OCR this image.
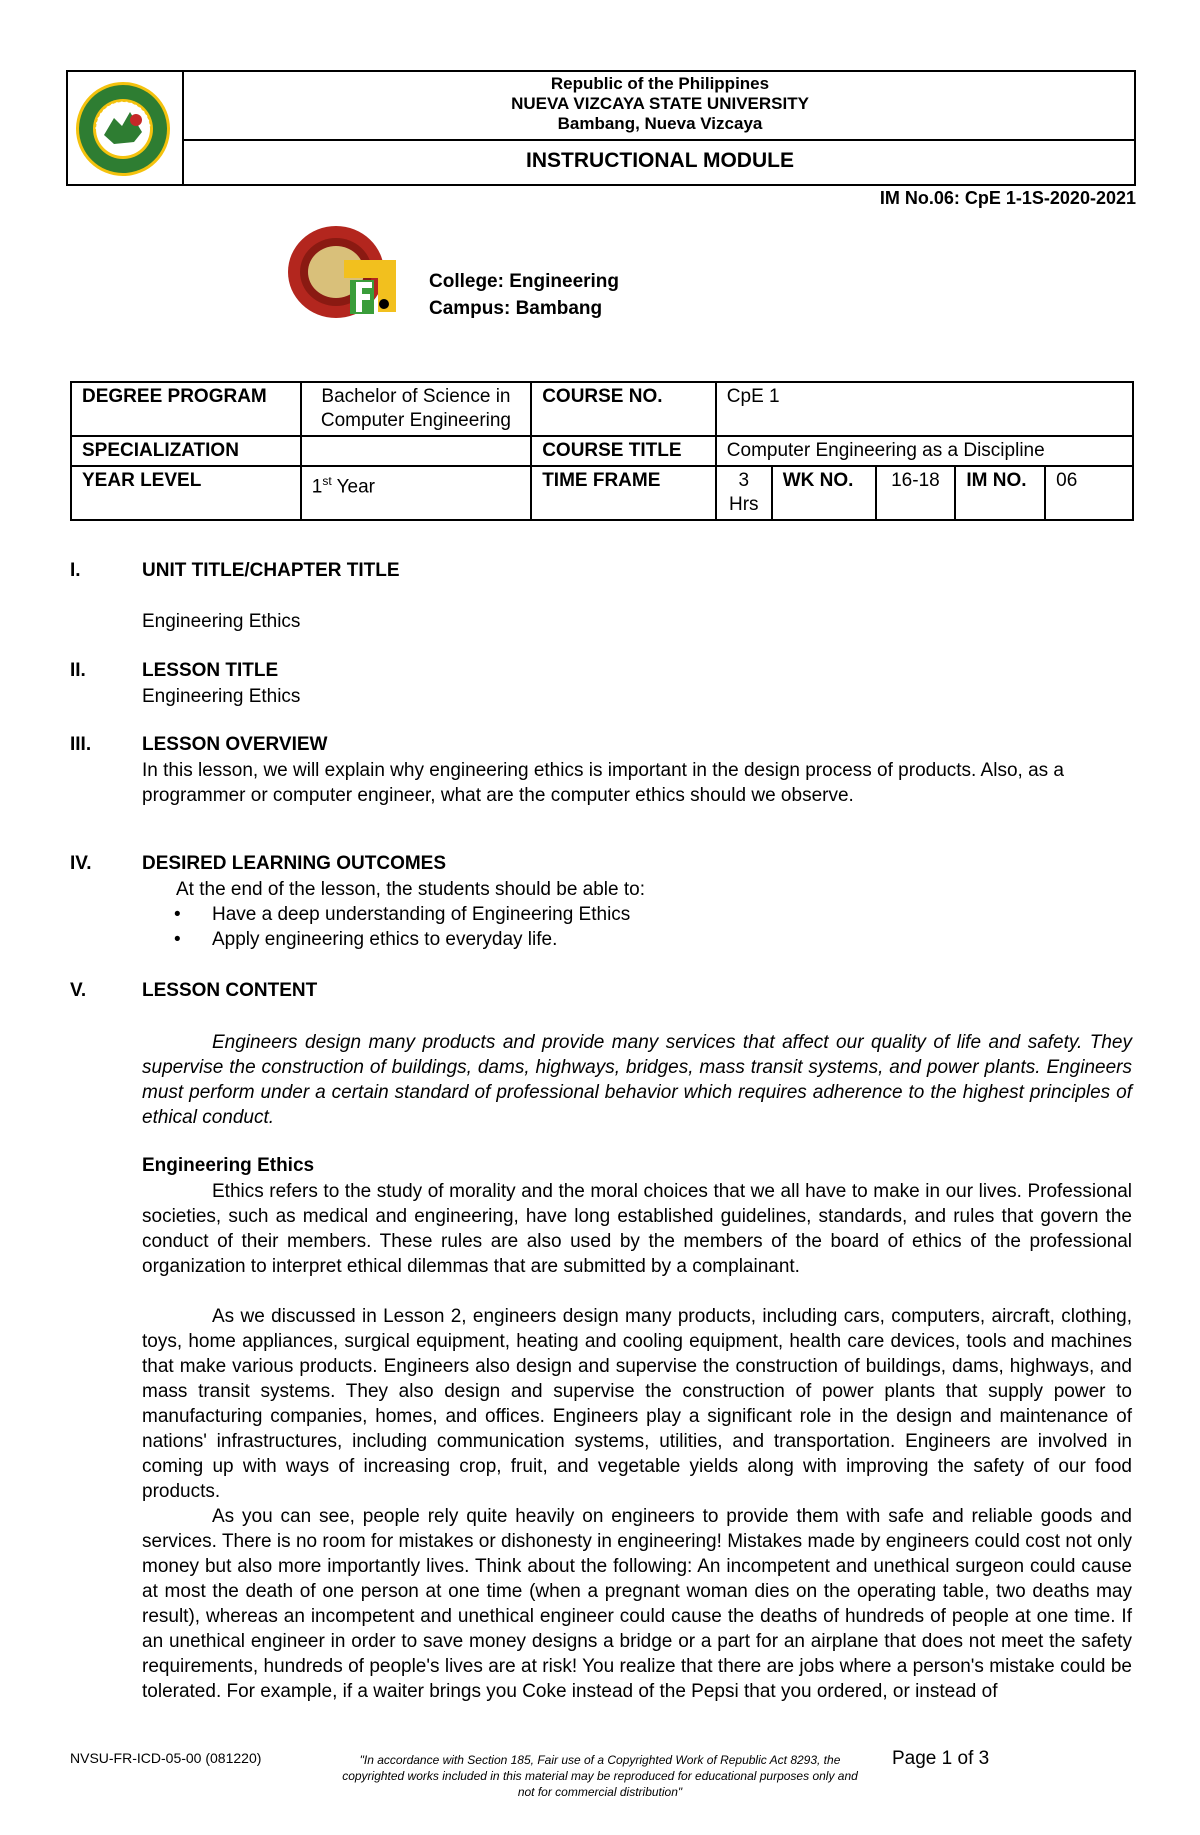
Republic of the Philippines
NUEVA VIZCAYA STATE UNIVERSITY
Bambang, Nueva Vizcaya
INSTRUCTIONAL MODULE
IM No.06: CpE 1-1S-2020-2021
College: Engineering
Campus: Bambang
DEGREE PROGRAM	Bachelor of Science in Computer Engineering	COURSE NO.	CpE 1				
SPECIALIZATION		COURSE TITLE	Computer Engineering as a Discipline				
YEAR LEVEL	1st Year	TIME FRAME	3 Hrs	WK NO.	16-18	IM NO.	06
I.	UNIT TITLE/CHAPTER TITLE
Engineering Ethics
II.	LESSON TITLE
Engineering Ethics
III.	LESSON OVERVIEW
In this lesson, we will explain why engineering ethics is important in the design process of products. Also, as a programmer or computer engineer, what are the computer ethics should we observe.
IV.	DESIRED LEARNING OUTCOMES
At the end of the lesson, the students should be able to:
• Have a deep understanding of Engineering Ethics
• Apply engineering ethics to everyday life.
V.	LESSON CONTENT
Engineers design many products and provide many services that affect our quality of life and safety. They supervise the construction of buildings, dams, highways, bridges, mass transit systems, and power plants. Engineers must perform under a certain standard of professional behavior which requires adherence to the highest principles of ethical conduct.
Engineering Ethics
Ethics refers to the study of morality and the moral choices that we all have to make in our lives. Professional societies, such as medical and engineering, have long established guidelines, standards, and rules that govern the conduct of their members. These rules are also used by the members of the board of ethics of the professional organization to interpret ethical dilemmas that are submitted by a complainant.
As we discussed in Lesson 2, engineers design many products, including cars, computers, aircraft, clothing, toys, home appliances, surgical equipment, heating and cooling equipment, health care devices, tools and machines that make various products. Engineers also design and supervise the construction of buildings, dams, highways, and mass transit systems. They also design and supervise the construction of power plants that supply power to manufacturing companies, homes, and offices. Engineers play a significant role in the design and maintenance of nations' infrastructures, including communication systems, utilities, and transportation. Engineers are involved in coming up with ways of increasing crop, fruit, and vegetable yields along with improving the safety of our food products.
As you can see, people rely quite heavily on engineers to provide them with safe and reliable goods and services. There is no room for mistakes or dishonesty in engineering! Mistakes made by engineers could cost not only money but also more importantly lives. Think about the following: An incompetent and unethical surgeon could cause at most the death of one person at one time (when a pregnant woman dies on the operating table, two deaths may result), whereas an incompetent and unethical engineer could cause the deaths of hundreds of people at one time. If an unethical engineer in order to save money designs a bridge or a part for an airplane that does not meet the safety requirements, hundreds of people's lives are at risk! You realize that there are jobs where a person's mistake could be tolerated. For example, if a waiter brings you Coke instead of the Pepsi that you ordered, or instead of
NVSU-FR-ICD-05-00 (081220)	"In accordance with Section 185, Fair use of a Copyrighted Work of Republic Act 8293, the copyrighted works included in this material may be reproduced for educational purposes only and not for commercial distribution"
Page 1 of 3
